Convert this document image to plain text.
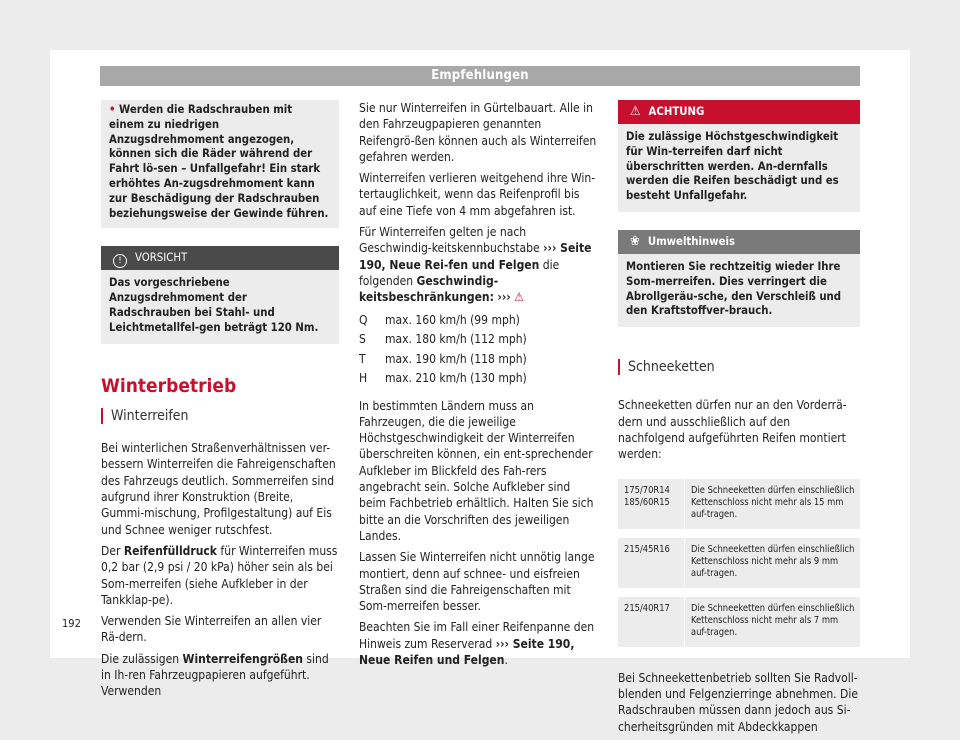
Empfehlungen
• Werden die Radschrauben mit einem zu niedrigen Anzugsdrehmoment angezogen, können sich die Räder während der Fahrt lö-sen – Unfallgefahr! Ein stark erhöhtes An-zugsdrehmoment kann zur Beschädigung der Radschrauben beziehungsweise der Gewinde führen.
! VORSICHT
Das vorgeschriebene Anzugsdrehmoment der Radschrauben bei Stahl- und Leichtmetallfel-gen beträgt 120 Nm.
Winterbetrieb
Winterreifen

Bei winterlichen Straßenverhältnissen ver-bessern Winterreifen die Fahreigenschaften des Fahrzeugs deutlich. Sommerreifen sind aufgrund ihrer Konstruktion (Breite, Gummi-mischung, Profilgestaltung) auf Eis und Schnee weniger rutschfest.

Der Reifenfülldruck für Winterreifen muss 0,2 bar (2,9 psi / 20 kPa) höher sein als bei Som-merreifen (siehe Aufkleber in der Tankklap-pe).

Verwenden Sie Winterreifen an allen vier Rä-dern.

Die zulässigen Winterreifengrößen sind in Ih-ren Fahrzeugpapieren aufgeführt. Verwenden

Sie nur Winterreifen in Gürtelbauart. Alle in den Fahrzeugpapieren genannten Reifengrö-ßen können auch als Winterreifen gefahren werden.

Winterreifen verlieren weitgehend ihre Win-tertauglichkeit, wenn das Reifenprofil bis auf eine Tiefe von 4 mm abgefahren ist.

Für Winterreifen gelten je nach Geschwindig-keitskennbuchstabe ››› Seite 190, Neue Rei-fen und Felgen die folgenden Geschwindig-keitsbeschränkungen: ››› ⚠

Q	max. 160 km/h (99 mph)
S	max. 180 km/h (112 mph)
T	max. 190 km/h (118 mph)
H	max. 210 km/h (130 mph)

In bestimmten Ländern muss an Fahrzeugen, die die jeweilige Höchstgeschwindigkeit der Winterreifen überschreiten können, ein ent-sprechender Aufkleber im Blickfeld des Fah-rers angebracht sein. Solche Aufkleber sind beim Fachbetrieb erhältlich. Halten Sie sich bitte an die Vorschriften des jeweiligen Landes.

Lassen Sie Winterreifen nicht unnötig lange montiert, denn auf schnee- und eisfreien Straßen sind die Fahreigenschaften mit Som-merreifen besser.

Beachten Sie im Fall einer Reifenpanne den Hinweis zum Reserverad ››› Seite 190, Neue Reifen und Felgen.

⚠ ACHTUNG
Die zulässige Höchstgeschwindigkeit für Win-terreifen darf nicht überschritten werden. An-dernfalls werden die Reifen beschädigt und es besteht Unfallgefahr.
❀ Umwelthinweis
Montieren Sie rechtzeitig wieder Ihre Som-merreifen. Dies verringert die Abrollgeräu-sche, den Verschleiß und den Kraftstoffver-brauch.
Schneeketten

Schneeketten dürfen nur an den Vorderrä-dern und ausschließlich auf den nachfolgend aufgeführten Reifen montiert werden:

175/70R14 185/60R15	Die Schneeketten dürfen einschließlich Kettenschloss nicht mehr als 15 mm auf-tragen.
215/45R16	Die Schneeketten dürfen einschließlich Kettenschloss nicht mehr als 9 mm auf-tragen.
215/40R17	Die Schneeketten dürfen einschließlich Kettenschloss nicht mehr als 7 mm auf-tragen.

Bei Schneekettenbetrieb sollten Sie Radvoll-blenden und Felgenzierringe abnehmen. Die Radschrauben müssen dann jedoch aus Si-cherheitsgründen mit Abdeckkappen

192
